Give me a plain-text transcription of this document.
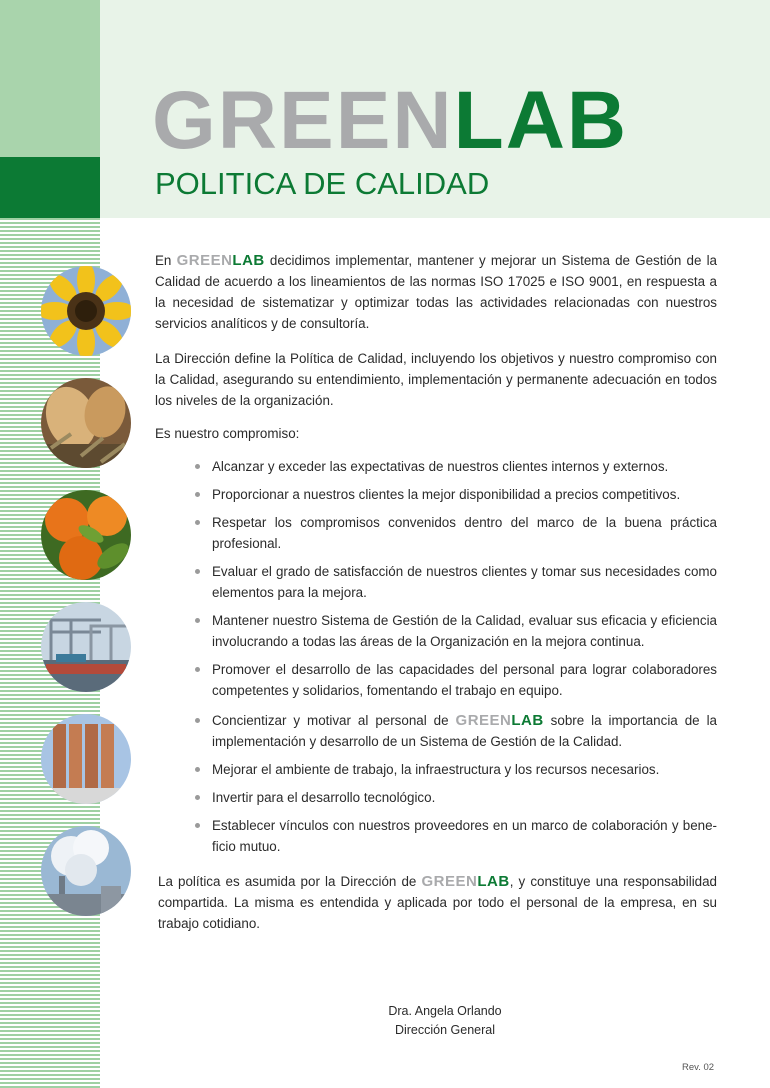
GREENLAB
POLITICA DE CALIDAD

En GREENLAB decidimos implementar, mantener y mejorar un Sistema de Gestión de la Calidad de acuerdo a los lineamientos de las normas ISO 17025 e ISO 9001, en respuesta a la necesidad de sistematizar y optimizar todas las actividades relacionadas con nuestros servicios analíticos y de consultoría.

La Dirección define la Política de Calidad, incluyendo los objetivos y nuestro compromiso con la Calidad, asegurando su entendimiento, implementación y permanente adecuación en todos los niveles de la organización.

Es nuestro compromiso:

Alcanzar y exceder las expectativas de nuestros clientes internos y externos.
Proporcionar a nuestros clientes la mejor disponibilidad a precios competitivos.
Respetar los compromisos convenidos dentro del marco de la buena práctica profesional.
Evaluar el grado de satisfacción de nuestros clientes y tomar sus necesidades como elementos para la mejora.
Mantener nuestro Sistema de Gestión de la Calidad, evaluar sus eficacia y eficiencia involucrando a todas las áreas de la Organización en la mejora continua.
Promover el desarrollo de las capacidades del personal para lograr colaboradores competentes y solidarios, fomentando el trabajo en equipo.
Concientizar y motivar al personal de GREENLAB sobre la importancia de la implementación y desarrollo de un Sistema de Gestión de la Calidad.
Mejorar el ambiente de trabajo, la infraestructura y los recursos necesarios.
Invertir para el desarrollo tecnológico.
Establecer vínculos con nuestros proveedores en un marco de colaboración y bene-ficio mutuo.

La política es asumida por la Dirección de GREENLAB, y constituye una responsabilidad compartida. La misma es entendida y aplicada por todo el personal de la empresa, en su trabajo cotidiano.

Dra. Angela Orlando
Dirección General
Rev. 02
